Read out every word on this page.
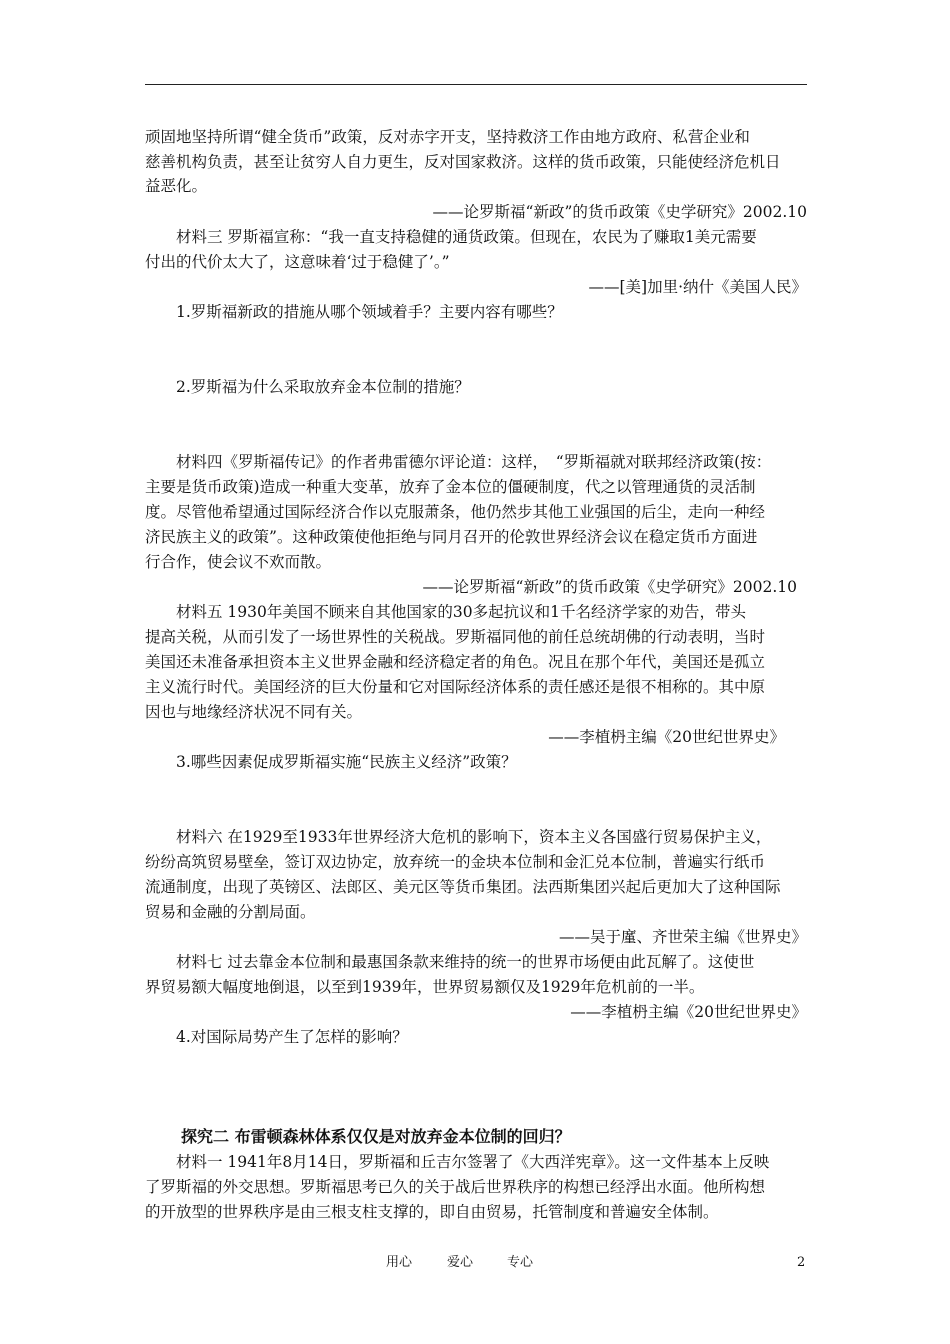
顽固地坚持所谓“健全货币”政策，反对赤字开支，坚持救济工作由地方政府、私营企业和
慈善机构负责，甚至让贫穷人自力更生，反对国家救济。这样的货币政策，只能使经济危机日
益恶化。
——论罗斯福“新政”的货币政策《史学研究》2002.10
材料三 罗斯福宣称：“我一直支持稳健的通货政策。但现在，农民为了赚取1美元需要
付出的代价太大了，这意味着‘过于稳健了’。”
——[美]加里·纳什《美国人民》
1.罗斯福新政的措施从哪个领域着手？主要内容有哪些？
2.罗斯福为什么采取放弃金本位制的措施？
材料四《罗斯福传记》的作者弗雷德尔评论道：这样，　“罗斯福就对联邦经济政策(按：
主要是货币政策)造成一种重大变革，放弃了金本位的僵硬制度，代之以管理通货的灵活制
度。尽管他希望通过国际经济合作以克服萧条，他仍然步其他工业强国的后尘，走向一种经
济民族主义的政策”。这种政策使他拒绝与同月召开的伦敦世界经济会议在稳定货币方面进
行合作，使会议不欢而散。
——论罗斯福“新政”的货币政策《史学研究》2002.10
材料五 1930年美国不顾来自其他国家的30多起抗议和1千名经济学家的劝告，带头
提高关税，从而引发了一场世界性的关税战。罗斯福同他的前任总统胡佛的行动表明，当时
美国还未准备承担资本主义世界金融和经济稳定者的角色。况且在那个年代，美国还是孤立
主义流行时代。美国经济的巨大份量和它对国际经济体系的责任感还是很不相称的。其中原
因也与地缘经济状况不同有关。
——李植枬主编《20世纪世界史》
3.哪些因素促成罗斯福实施“民族主义经济”政策？
材料六 在1929至1933年世界经济大危机的影响下，资本主义各国盛行贸易保护主义，
纷纷高筑贸易壁垒，签订双边协定，放弃统一的金块本位制和金汇兑本位制，普遍实行纸币
流通制度，出现了英镑区、法郎区、美元区等货币集团。法西斯集团兴起后更加大了这种国际
贸易和金融的分割局面。
——吴于廑、齐世荣主编《世界史》
材料七 过去靠金本位制和最惠国条款来维持的统一的世界市场便由此瓦解了。这使世
界贸易额大幅度地倒退，以至到1939年，世界贸易额仅及1929年危机前的一半。
——李植枬主编《20世纪世界史》
4.对国际局势产生了怎样的影响？
探究二 布雷顿森林体系仅仅是对放弃金本位制的回归？
材料一 1941年8月14日，罗斯福和丘吉尔签署了《大西洋宪章》。这一文件基本上反映
了罗斯福的外交思想。罗斯福思考已久的关于战后世界秩序的构想已经浮出水面。他所构想
的开放型的世界秩序是由三根支柱支撑的，即自由贸易，托管制度和普遍安全体制。
用心	爱心	专心	2
